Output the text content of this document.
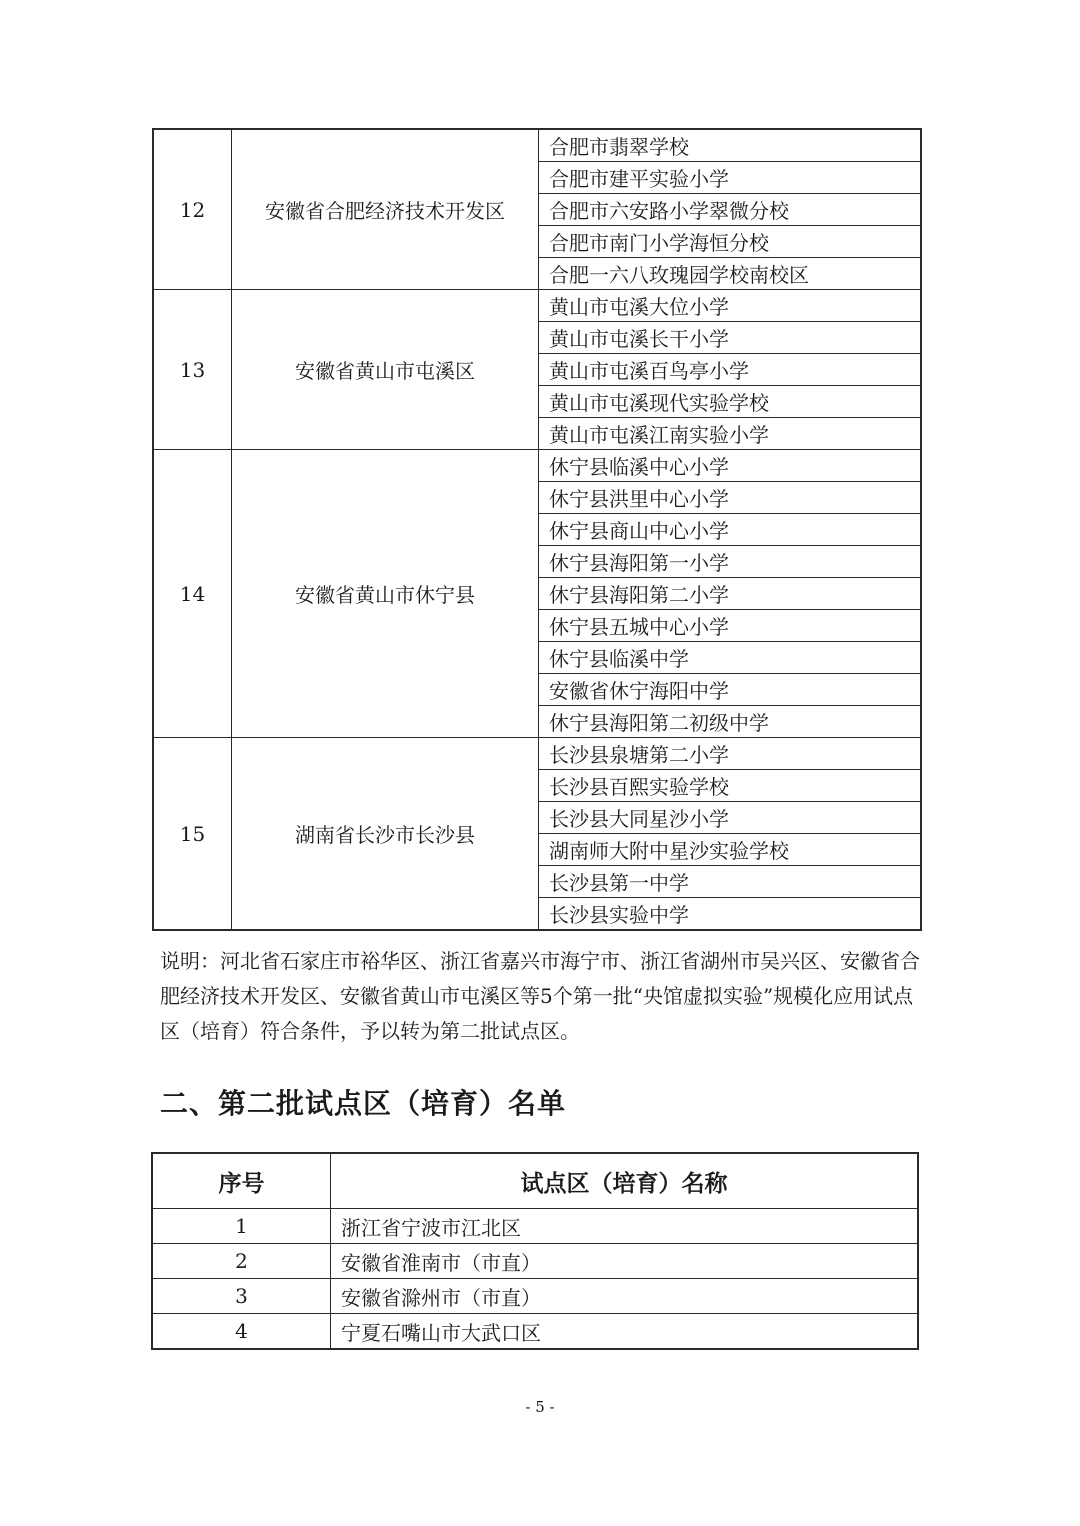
12	安徽省合肥经济技术开发区	合肥市翡翠学校
		合肥市建平实验小学
		合肥市六安路小学翠微分校
		合肥市南门小学海恒分校
		合肥一六八玫瑰园学校南校区
13	安徽省黄山市屯溪区	黄山市屯溪大位小学
		黄山市屯溪长干小学
		黄山市屯溪百鸟亭小学
		黄山市屯溪现代实验学校
		黄山市屯溪江南实验小学
14	安徽省黄山市休宁县	休宁县临溪中心小学
		休宁县洪里中心小学
		休宁县商山中心小学
		休宁县海阳第一小学
		休宁县海阳第二小学
		休宁县五城中心小学
		休宁县临溪中学
		安徽省休宁海阳中学
		休宁县海阳第二初级中学
15	湖南省长沙市长沙县	长沙县泉塘第二小学
		长沙县百熙实验学校
		长沙县大同星沙小学
		湖南师大附中星沙实验学校
		长沙县第一中学
		长沙县实验中学

说明：河北省石家庄市裕华区、浙江省嘉兴市海宁市、浙江省湖州市吴兴区、安徽省合肥经济技术开发区、安徽省黄山市屯溪区等5个第一批“央馆虚拟实验”规模化应用试点区（培育）符合条件，予以转为第二批试点区。

二、第二批试点区（培育）名单
序号	试点区（培育）名称
1	浙江省宁波市江北区
2	安徽省淮南市（市直）
3	安徽省滁州市（市直）
4	宁夏石嘴山市大武口区
- 5 -
